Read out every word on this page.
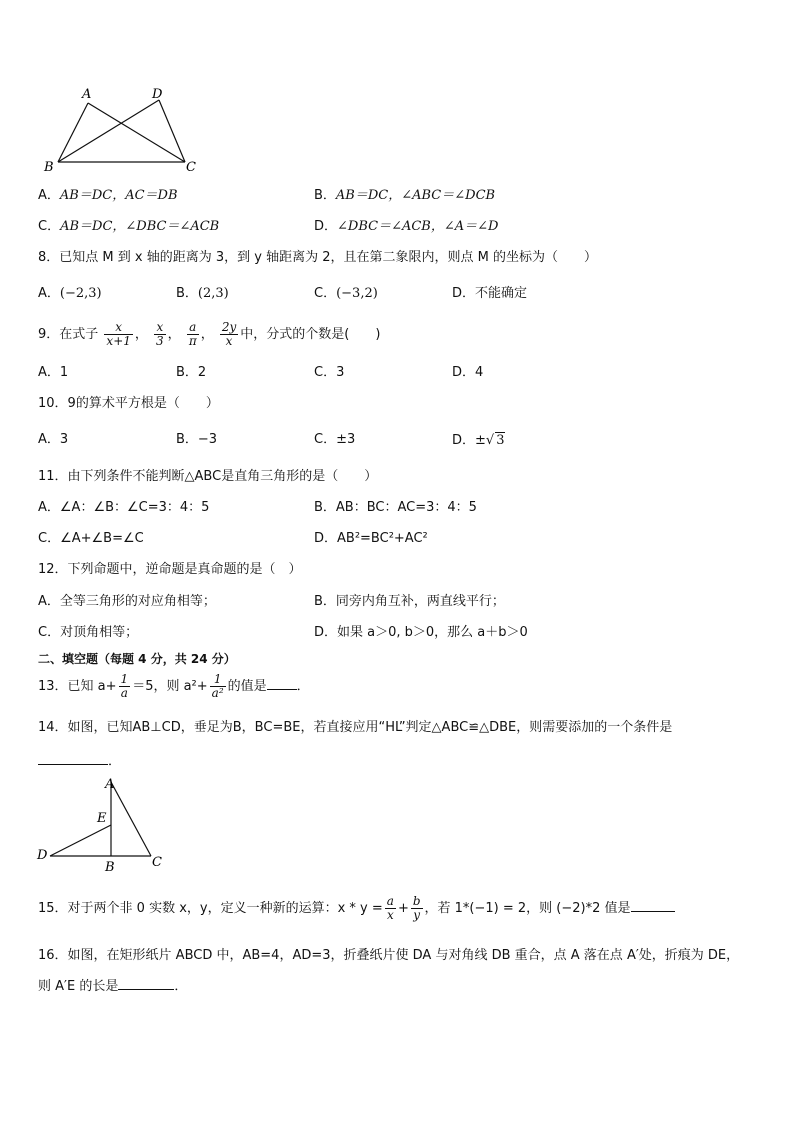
A	D
B	C
A．AB＝DC，AC＝DB	B．AB＝DC，∠ABC＝∠DCB
C．AB＝DC，∠DBC＝∠ACB	D．∠DBC＝∠ACB，∠A＝∠D
8．已知点 M 到 x 轴的距离为 3，到 y 轴距离为 2，且在第二象限内，则点 M 的坐标为（　　）
A．(−2,3)	B．(2,3)	C．(−3,2)	D．不能确定
9．在式子 $\frac{x}{x+1}$ ， $\frac{x}{3}$ ， $\frac{a}{\pi}$ ， $\frac{2y}{x}$ 中，分式的个数是(　　)
A．1	B．2	C．3	D．4
10．9的算术平方根是（　　）
A．3	B．−3	C．±3	D．±√ 3
11．由下列条件不能判断△ABC是直角三角形的是（　　）
A．∠A：∠B：∠C=3：4：5	B．AB：BC：AC=3：4：5
C．∠A+∠B=∠C	D．AB²=BC²+AC²
12．下列命题中，逆命题是真命题的是（　）
A．全等三角形的对应角相等；	B．同旁内角互补，两直线平行；
C．对顶角相等；	D．如果 a＞0, b＞0，那么 a＋b＞0
二、填空题（每题 4 分，共 24 分）
13．已知 $a+ \frac{1}{a} =5$，则 $a^2+ \frac{1}{\text{a²}}$ 的值是 ．
14．如图，已知AB⊥CD，垂足为B，BC=BE，若直接应用“HL”判定△ABC≌△DBE，则需要添加的一个条件是
．
A
E
D
B	C
15．对于两个非 0 实数 x，y，定义一种新的运算：$x * y = \frac{a}{x} + \frac{b}{y}$ ，若 1*(−1) = 2，则 (−2)*2 值是
16．如图，在矩形纸片 ABCD 中，AB=4，AD=3，折叠纸片使 DA 与对角线 DB 重合，点 A 落在点 A′处，折痕为 DE，
则 A′E 的长是	．
